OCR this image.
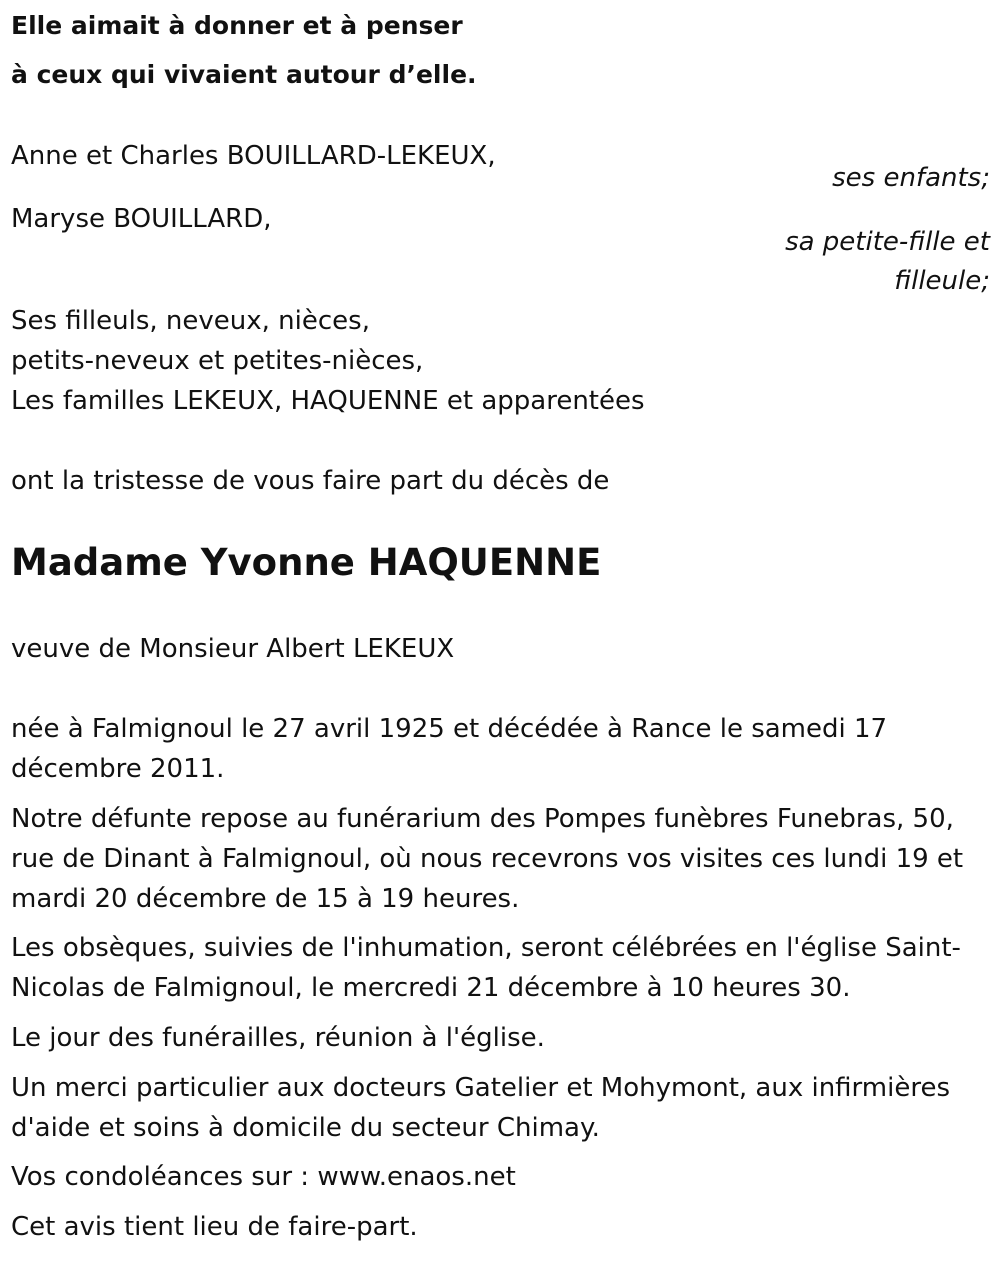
Elle aimait à donner et à penser
à ceux qui vivaient autour d’elle.
Anne et Charles BOUILLARD-LEKEUX,
ses enfants;
Maryse BOUILLARD,
sa petite-fille et
filleule;
Ses filleuls, neveux, nièces,
petits-neveux et petites-nièces,
Les familles LEKEUX, HAQUENNE et apparentées
ont la tristesse de vous faire part du décès de
Madame Yvonne HAQUENNE
veuve de Monsieur Albert LEKEUX
née à Falmignoul le 27 avril 1925 et décédée à Rance le samedi 17 décembre 2011.
Notre défunte repose au funérarium des Pompes funèbres Funebras, 50, rue de Dinant à Falmignoul, où nous recevrons vos visites ces lundi 19 et mardi 20 décembre de 15 à 19 heures.
Les obsèques, suivies de l'inhumation, seront célébrées en l'église Saint-Nicolas de Falmignoul, le mercredi 21 décembre à 10 heures 30.
Le jour des funérailles, réunion à l'église.
Un merci particulier aux docteurs Gatelier et Mohymont, aux infirmières d'aide et soins à domicile du secteur Chimay.
Vos condoléances sur : www.enaos.net
Cet avis tient lieu de faire-part.
